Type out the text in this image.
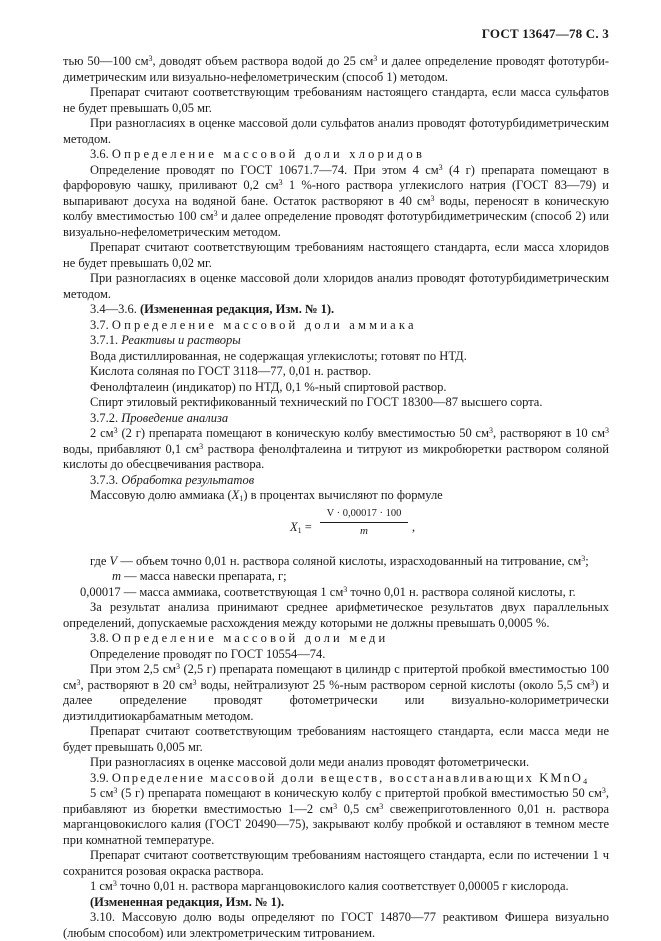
ГОСТ 13647—78 С. 3

тью 50—100 $см^3$, доводят объем раствора водой до 25 $см^3$ и далее определение проводят фототурби- диметрическим или визуально-нефелометрическим (способ 1) методом.

Препарат считают соответствующим требованиям настоящего стандарта, если масса сульфатов не будет превышать 0,05 мг.

При разногласиях в оценке массовой доли сульфатов анализ проводят фототурбидиметрическим методом.

3.6. Определение массовой доли хлоридов

Определение проводят по ГОСТ 10671.7—74. При этом 4 $см^3$ (4 г) препарата помещают в фарфоровую чашку, приливают 0,2 $см^3$ 1 %-ного раствора углекислого натрия (ГОСТ 83—79) и выпаривают досуха на водяной бане. Остаток растворяют в 40 $см^3$ воды, переносят в коническую колбу вместимостью 100 $см^3$ и далее определение проводят фототурбидиметрическим (способ 2) или визуально-нефелометрическим методом.

Препарат считают соответствующим требованиям настоящего стандарта, если масса хлоридов не будет превышать 0,02 мг.

При разногласиях в оценке массовой доли хлоридов анализ проводят фототурбидиметрическим методом.

3.4—3.6. (Измененная редакция, Изм. № 1).

3.7. Определение массовой доли аммиака

3.7.1. Реактивы и растворы

Вода дистиллированная, не содержащая углекислоты; готовят по НТД.

Кислота соляная по ГОСТ 3118—77, 0,01 н. раствор.

Фенолфталеин (индикатор) по НТД, 0,1 %-ный спиртовой раствор.

Спирт этиловый ректификованный технический по ГОСТ 18300—87 высшего сорта.

3.7.2. Проведение анализа

2 $см^3$ (2 г) препарата помещают в коническую колбу вместимостью 50 $см^3$, растворяют в 10 $см^3$ воды, прибавляют 0,1 $см^3$ раствора фенолфталеина и титруют из микробюретки раствором соляной кислоты до обесцвечивания раствора.

3.7.3. Обработка результатов

Массовую долю аммиака $(X_1)$ в процентах вычисляют по формуле

$X_1 = \frac{V \cdot 0,00017 \cdot 100}{m}$ ,

где V — объем точно 0,01 н. раствора соляной кислоты, израсходованный на титрование, $см^3$;

m — масса навески препарата, г;

0,00017 — масса аммиака, соответствующая 1 $см^3$ точно 0,01 н. раствора соляной кислоты, г.

За результат анализа принимают среднее арифметическое результатов двух параллельных определений, допускаемые расхождения между которыми не должны превышать 0,0005 %.

3.8. Определение массовой доли меди

Определение проводят по ГОСТ 10554—74.

При этом 2,5 $см^3$ (2,5 г) препарата помещают в цилиндр с притертой пробкой вместимостью 100 $см^3$, растворяют в 20 $см^3$ воды, нейтрализуют 25 %-ным раствором серной кислоты (около 5,5 $см^3$) и далее определение проводят фотометрически или визуально-колориметрически диэтилдитиокарбаматным методом.

Препарат считают соответствующим требованиям настоящего стандарта, если масса меди не будет превышать 0,005 мг.

При разногласиях в оценке массовой доли меди анализ проводят фотометрически.

3.9. Определение массовой доли веществ, восстанавливающих KMnO$_4$

5 $см^3$ (5 г) препарата помещают в коническую колбу с притертой пробкой вместимостью 50 $см^3$, прибавляют из бюретки вместимостью 1—2 $см^3$ 0,5 $см^3$ свежеприготовленного 0,01 н. раствора марганцовокислого калия (ГОСТ 20490—75), закрывают колбу пробкой и оставляют в темном месте при комнатной температуре.

Препарат считают соответствующим требованиям настоящего стандарта, если по истечении 1 ч сохранится розовая окраска раствора.

1 $см^3$ точно 0,01 н. раствора марганцовокислого калия соответствует 0,00005 г кислорода.

(Измененная редакция, Изм. № 1).

3.10. Массовую долю воды определяют по ГОСТ 14870—77 реактивом Фишера визуально (любым способом) или электрометрическим титрованием.
